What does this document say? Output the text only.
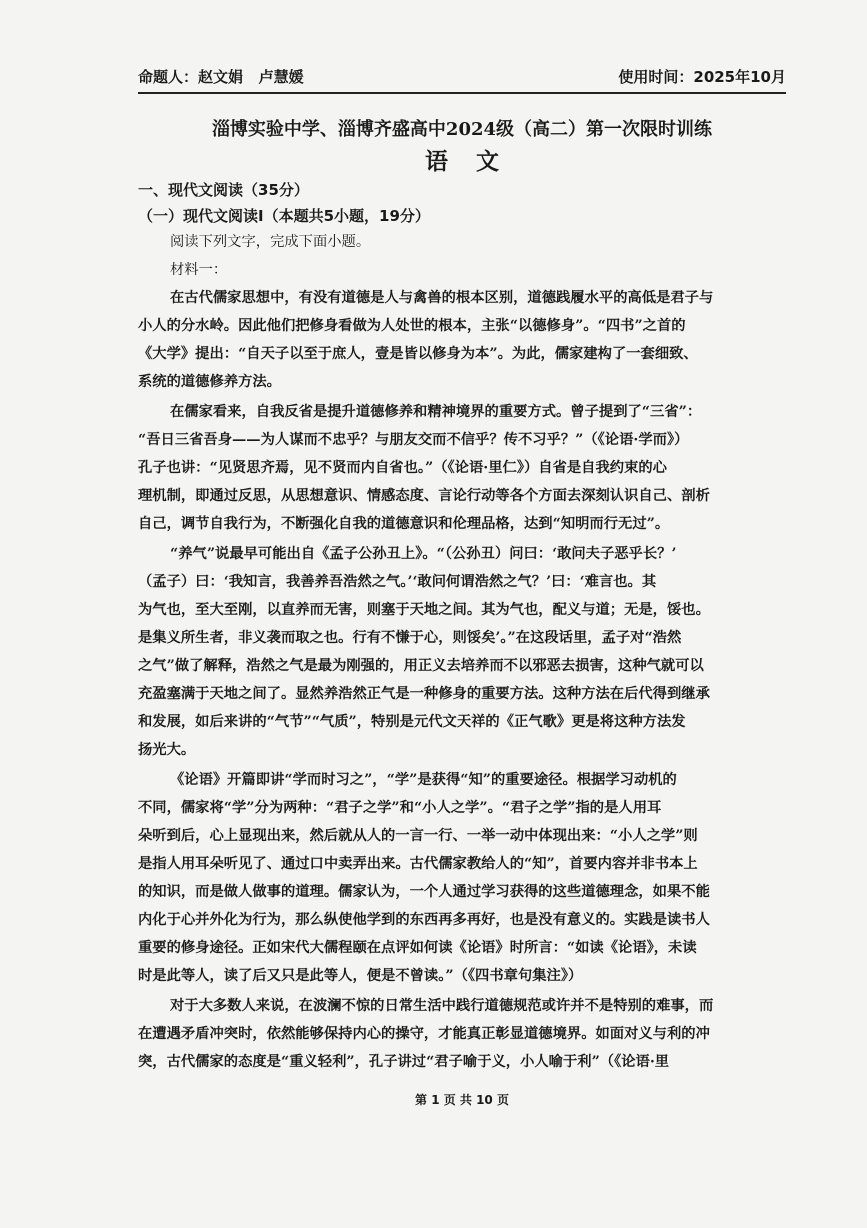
命题人：赵文娟   卢慧媛	使用时间：2025年10月
淄博实验中学、淄博齐盛高中2024级（高二）第一次限时训练
语文
一、现代文阅读（35分）
（一）现代文阅读Ⅰ（本题共5小题，19分）
阅读下列文字，完成下面小题。
材料一：
在古代儒家思想中，有没有道德是人与禽兽的根本区别，道德践履水平的高低是君子与
小人的分水岭。因此他们把修身看做为人处世的根本，主张“以德修身”。“四书”之首的
《大学》提出：“自天子以至于庶人，壹是皆以修身为本”。为此，儒家建构了一套细致、
系统的道德修养方法。
在儒家看来，自我反省是提升道德修养和精神境界的重要方式。曾子提到了“三省”：
“吾日三省吾身——为人谋而不忠乎？与朋友交而不信乎？传不习乎？”（《论语·学而》）
孔子也讲：“见贤思齐焉，见不贤而内自省也。”（《论语·里仁》）自省是自我约束的心
理机制，即通过反思，从思想意识、情感态度、言论行动等各个方面去深刻认识自己、剖析
自己，调节自我行为，不断强化自我的道德意识和伦理品格，达到“知明而行无过”。
“养气”说最早可能出自《孟子公孙丑上》。“（公孙丑）问曰：‘敢问夫子恶乎长？’
（孟子）曰：‘我知言，我善养吾浩然之气。’‘敢问何谓浩然之气？’曰：‘难言也。其
为气也，至大至刚，以直养而无害，则塞于天地之间。其为气也，配义与道；无是，馁也。
是集义所生者，非义袭而取之也。行有不慊于心，则馁矣’。”在这段话里，孟子对“浩然
之气”做了解释，浩然之气是最为刚强的，用正义去培养而不以邪恶去损害，这种气就可以
充盈塞满于天地之间了。显然养浩然正气是一种修身的重要方法。这种方法在后代得到继承
和发展，如后来讲的“气节”“气质”，特别是元代文天祥的《正气歌》更是将这种方法发
扬光大。
《论语》开篇即讲“学而时习之”，“学”是获得“知”的重要途径。根据学习动机的
不同，儒家将“学”分为两种：“君子之学”和“小人之学”。“君子之学”指的是人用耳
朵听到后，心上显现出来，然后就从人的一言一行、一举一动中体现出来：“小人之学”则
是指人用耳朵听见了、通过口中卖弄出来。古代儒家教给人的“知”，首要内容并非书本上
的知识，而是做人做事的道理。儒家认为，一个人通过学习获得的这些道德理念，如果不能
内化于心并外化为行为，那么纵使他学到的东西再多再好，也是没有意义的。实践是读书人
重要的修身途径。正如宋代大儒程颐在点评如何读《论语》时所言：“如读《论语》，未读
时是此等人，读了后又只是此等人，便是不曾读。”（《四书章句集注》）
对于大多数人来说，在波澜不惊的日常生活中践行道德规范或许并不是特别的难事，而
在遭遇矛盾冲突时，依然能够保持内心的操守，才能真正彰显道德境界。如面对义与利的冲
突，古代儒家的态度是“重义轻利”，孔子讲过“君子喻于义，小人喻于利”（《论语·里
第 1 页 共 10 页
